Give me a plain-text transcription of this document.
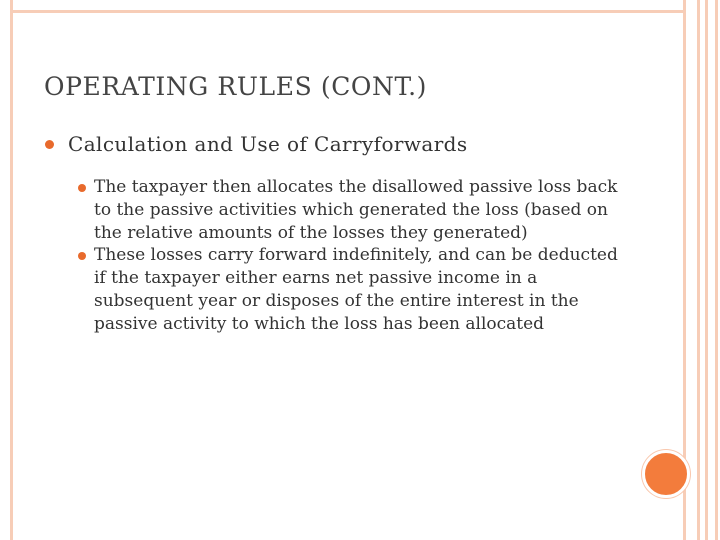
OPERATING RULES (CONT.)
Calculation and Use of Carryforwards
The taxpayer then allocates the disallowed passive loss back to the passive activities which generated the loss (based on the relative amounts of the losses they generated)
These losses carry forward indefinitely, and can be deducted if the taxpayer either earns net passive income in a subsequent year or disposes of the entire interest in the passive activity to which the loss has been allocated
